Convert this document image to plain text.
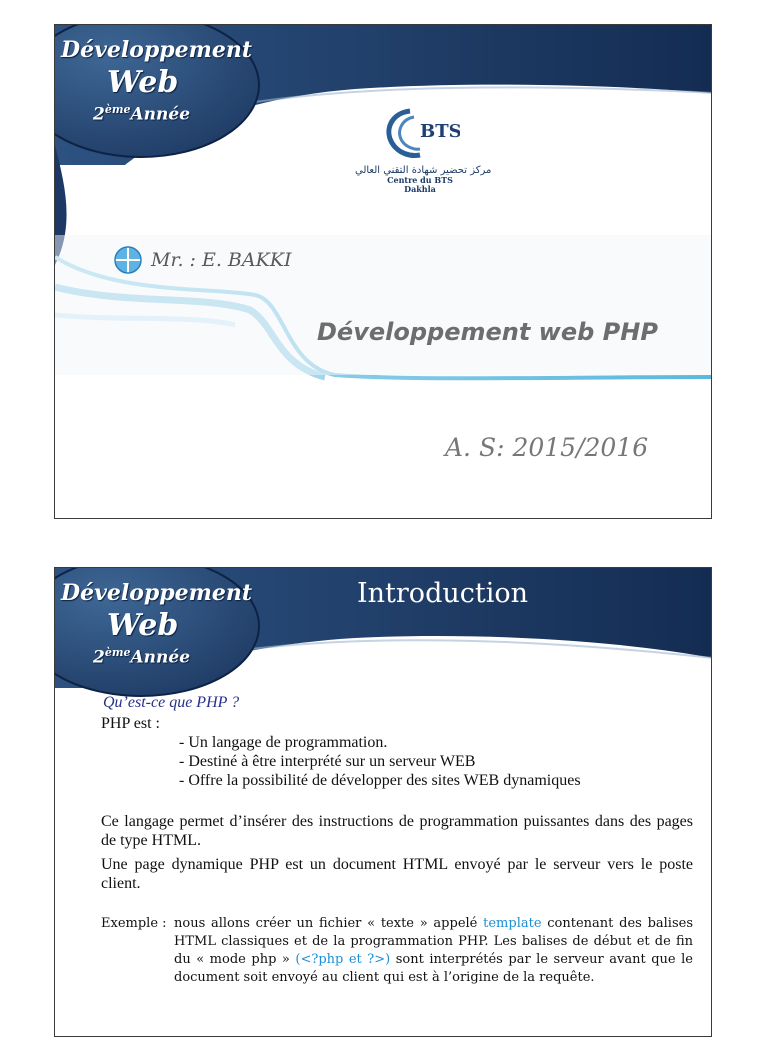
Développement
Web
2èmeAnnée
BTS
مركز تحضير شهادة التقني العالي
Centre du BTS
Dakhla
Mr. : E. BAKKI
Développement web PHP
A. S: 2015/2016
Développement
Web
2èmeAnnée
Introduction
Qu’est-ce que PHP ?
PHP est :
- Un langage de programmation.
- Destiné à être interprété sur un serveur WEB
- Offre la possibilité de développer des sites WEB dynamiques
Ce langage permet d’insérer des instructions de programmation puissantes dans des pages de type HTML.
Une page dynamique PHP est un document HTML envoyé par le serveur vers le poste client.
Exemple : nous allons créer un fichier « texte » appelé template contenant des balises HTML classiques et de la programmation PHP. Les balises de début et de fin du « mode php » (<?php et ?>) sont interprétés par le serveur avant que le document soit envoyé au client qui est à l’origine de la requête.
